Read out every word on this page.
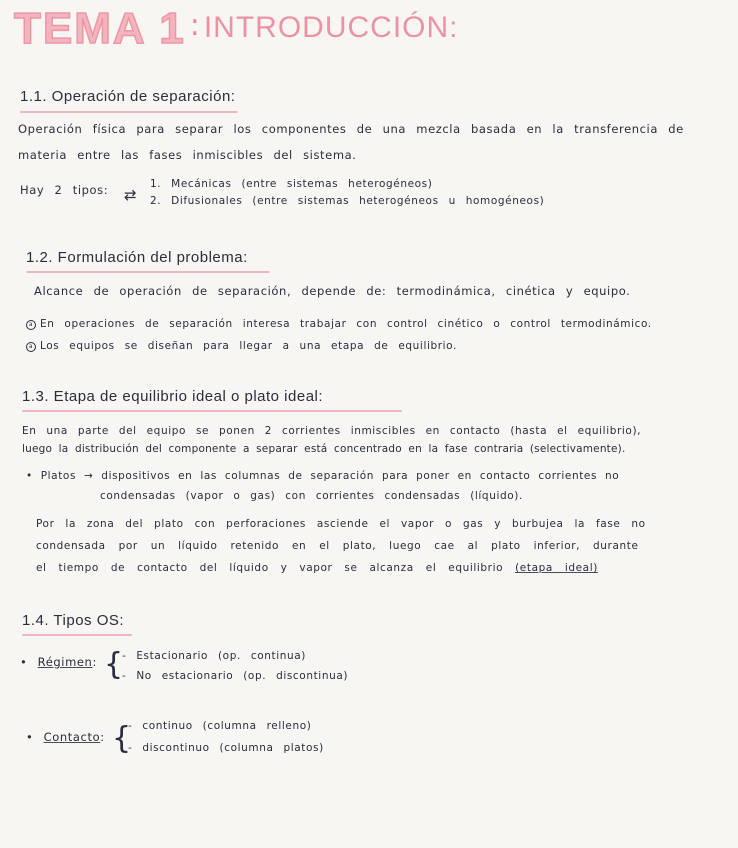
TEMA 1 : INTRODUCCIÓN:
1.1. Operación de separación:
Operación física para separar los componentes de una mezcla basada en la transferencia de
materia entre las fases inmiscibles del sistema.
Hay 2 tipos: ⇄
1. Mecánicas (entre sistemas heterogéneos)
2. Difusionales (entre sistemas heterogéneos u homogéneos)
1.2. Formulación del problema:
Alcance de operación de separación, depende de: termodinámica, cinética y equipo.
a En operaciones de separación interesa trabajar con control cinético o control termodinámico.
a Los equipos se diseñan para llegar a una etapa de equilibrio.
1.3. Etapa de equilibrio ideal o plato ideal:
En una parte del equipo se ponen 2 corrientes inmiscibles en contacto (hasta el equilibrio),
luego la distribución del componente a separar está concentrado en la fase contraria (selectivamente).
• Platos → dispositivos en las columnas de separación para poner en contacto corrientes no
condensadas (vapor o gas) con corrientes condensadas (líquido).
Por la zona del plato con perforaciones asciende el vapor o gas y burbujea la fase no
condensada por un líquido retenido en el plato, luego cae al plato inferior, durante
el tiempo de contacto del líquido y vapor se alcanza el equilibrio (etapa ideal)
1.4. Tipos OS:
• Régimen: {
- Estacionario (op. continua)
- No estacionario (op. discontinua)
• Contacto: {
- continuo (columna relleno)
- discontinuo (columna platos)
